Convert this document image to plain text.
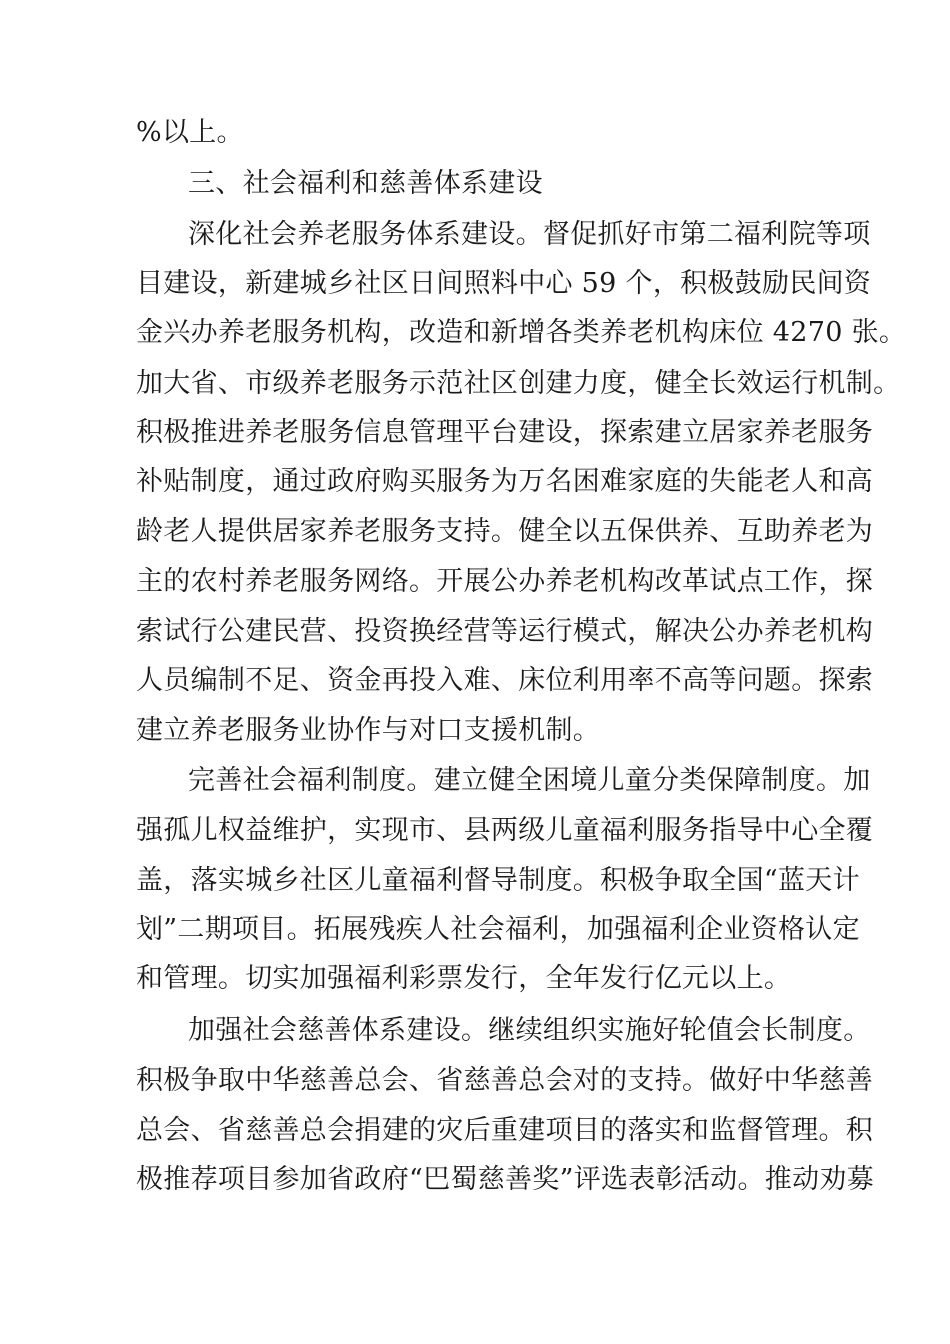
%以上。
三、社会福利和慈善体系建设
深化社会养老服务体系建设。督促抓好市第二福利院等项
目建设，新建城乡社区日间照料中心 59 个，积极鼓励民间资
金兴办养老服务机构，改造和新增各类养老机构床位 4270 张。
加大省、市级养老服务示范社区创建力度，健全长效运行机制。
积极推进养老服务信息管理平台建设，探索建立居家养老服务
补贴制度，通过政府购买服务为万名困难家庭的失能老人和高
龄老人提供居家养老服务支持。健全以五保供养、互助养老为
主的农村养老服务网络。开展公办养老机构改革试点工作，探
索试行公建民营、投资换经营等运行模式，解决公办养老机构
人员编制不足、资金再投入难、床位利用率不高等问题。探索
建立养老服务业协作与对口支援机制。
完善社会福利制度。建立健全困境儿童分类保障制度。加
强孤儿权益维护，实现市、县两级儿童福利服务指导中心全覆
盖，落实城乡社区儿童福利督导制度。积极争取全国“蓝天计
划”二期项目。拓展残疾人社会福利，加强福利企业资格认定
和管理。切实加强福利彩票发行，全年发行亿元以上。
加强社会慈善体系建设。继续组织实施好轮值会长制度。
积极争取中华慈善总会、省慈善总会对的支持。做好中华慈善
总会、省慈善总会捐建的灾后重建项目的落实和监督管理。积
极推荐项目参加省政府“巴蜀慈善奖”评选表彰活动。推动劝募
